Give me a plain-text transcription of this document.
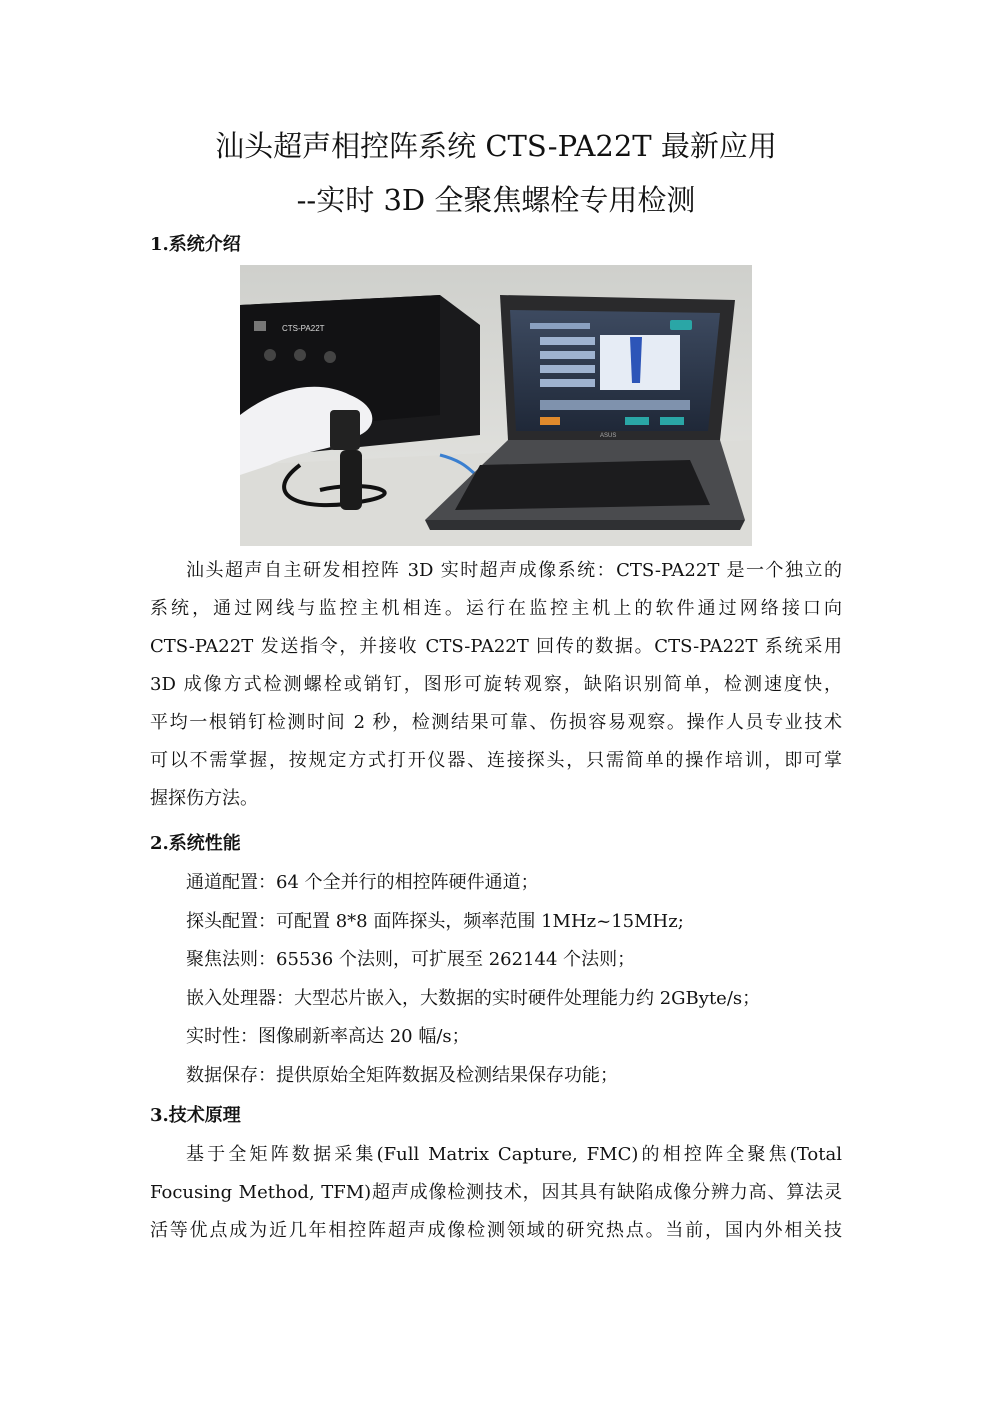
汕头超声相控阵系统 CTS-PA22T 最新应用
--实时 3D 全聚焦螺栓专用检测
1.系统介绍
CTS-PA22T
ASUS
汕头超声自主研发相控阵 3D 实时超声成像系统：CTS-PA22T 是一个独立的
系统，通过网线与监控主机相连。运行在监控主机上的软件通过网络接口向
CTS-PA22T 发送指令，并接收 CTS-PA22T 回传的数据。CTS-PA22T 系统采用
3D 成像方式检测螺栓或销钉，图形可旋转观察，缺陷识别简单，检测速度快，
平均一根销钉检测时间 2 秒，检测结果可靠、伤损容易观察。操作人员专业技术
可以不需掌握，按规定方式打开仪器、连接探头，只需简单的操作培训，即可掌
握探伤方法。
2.系统性能

通道配置：64 个全并行的相控阵硬件通道；

探头配置：可配置 8*8 面阵探头，频率范围 1MHz~15MHz;

聚焦法则：65536 个法则，可扩展至 262144 个法则；

嵌入处理器：大型芯片嵌入，大数据的实时硬件处理能力约 2GByte/s；

实时性：图像刷新率高达 20 幅/s；

数据保存：提供原始全矩阵数据及检测结果保存功能；

3.技术原理
基于全矩阵数据采集(Full Matrix Capture, FMC)的相控阵全聚焦(Total
Focusing Method, TFM)超声成像检测技术，因其具有缺陷成像分辨力高、算法灵
活等优点成为近几年相控阵超声成像检测领域的研究热点。当前，国内外相关技
